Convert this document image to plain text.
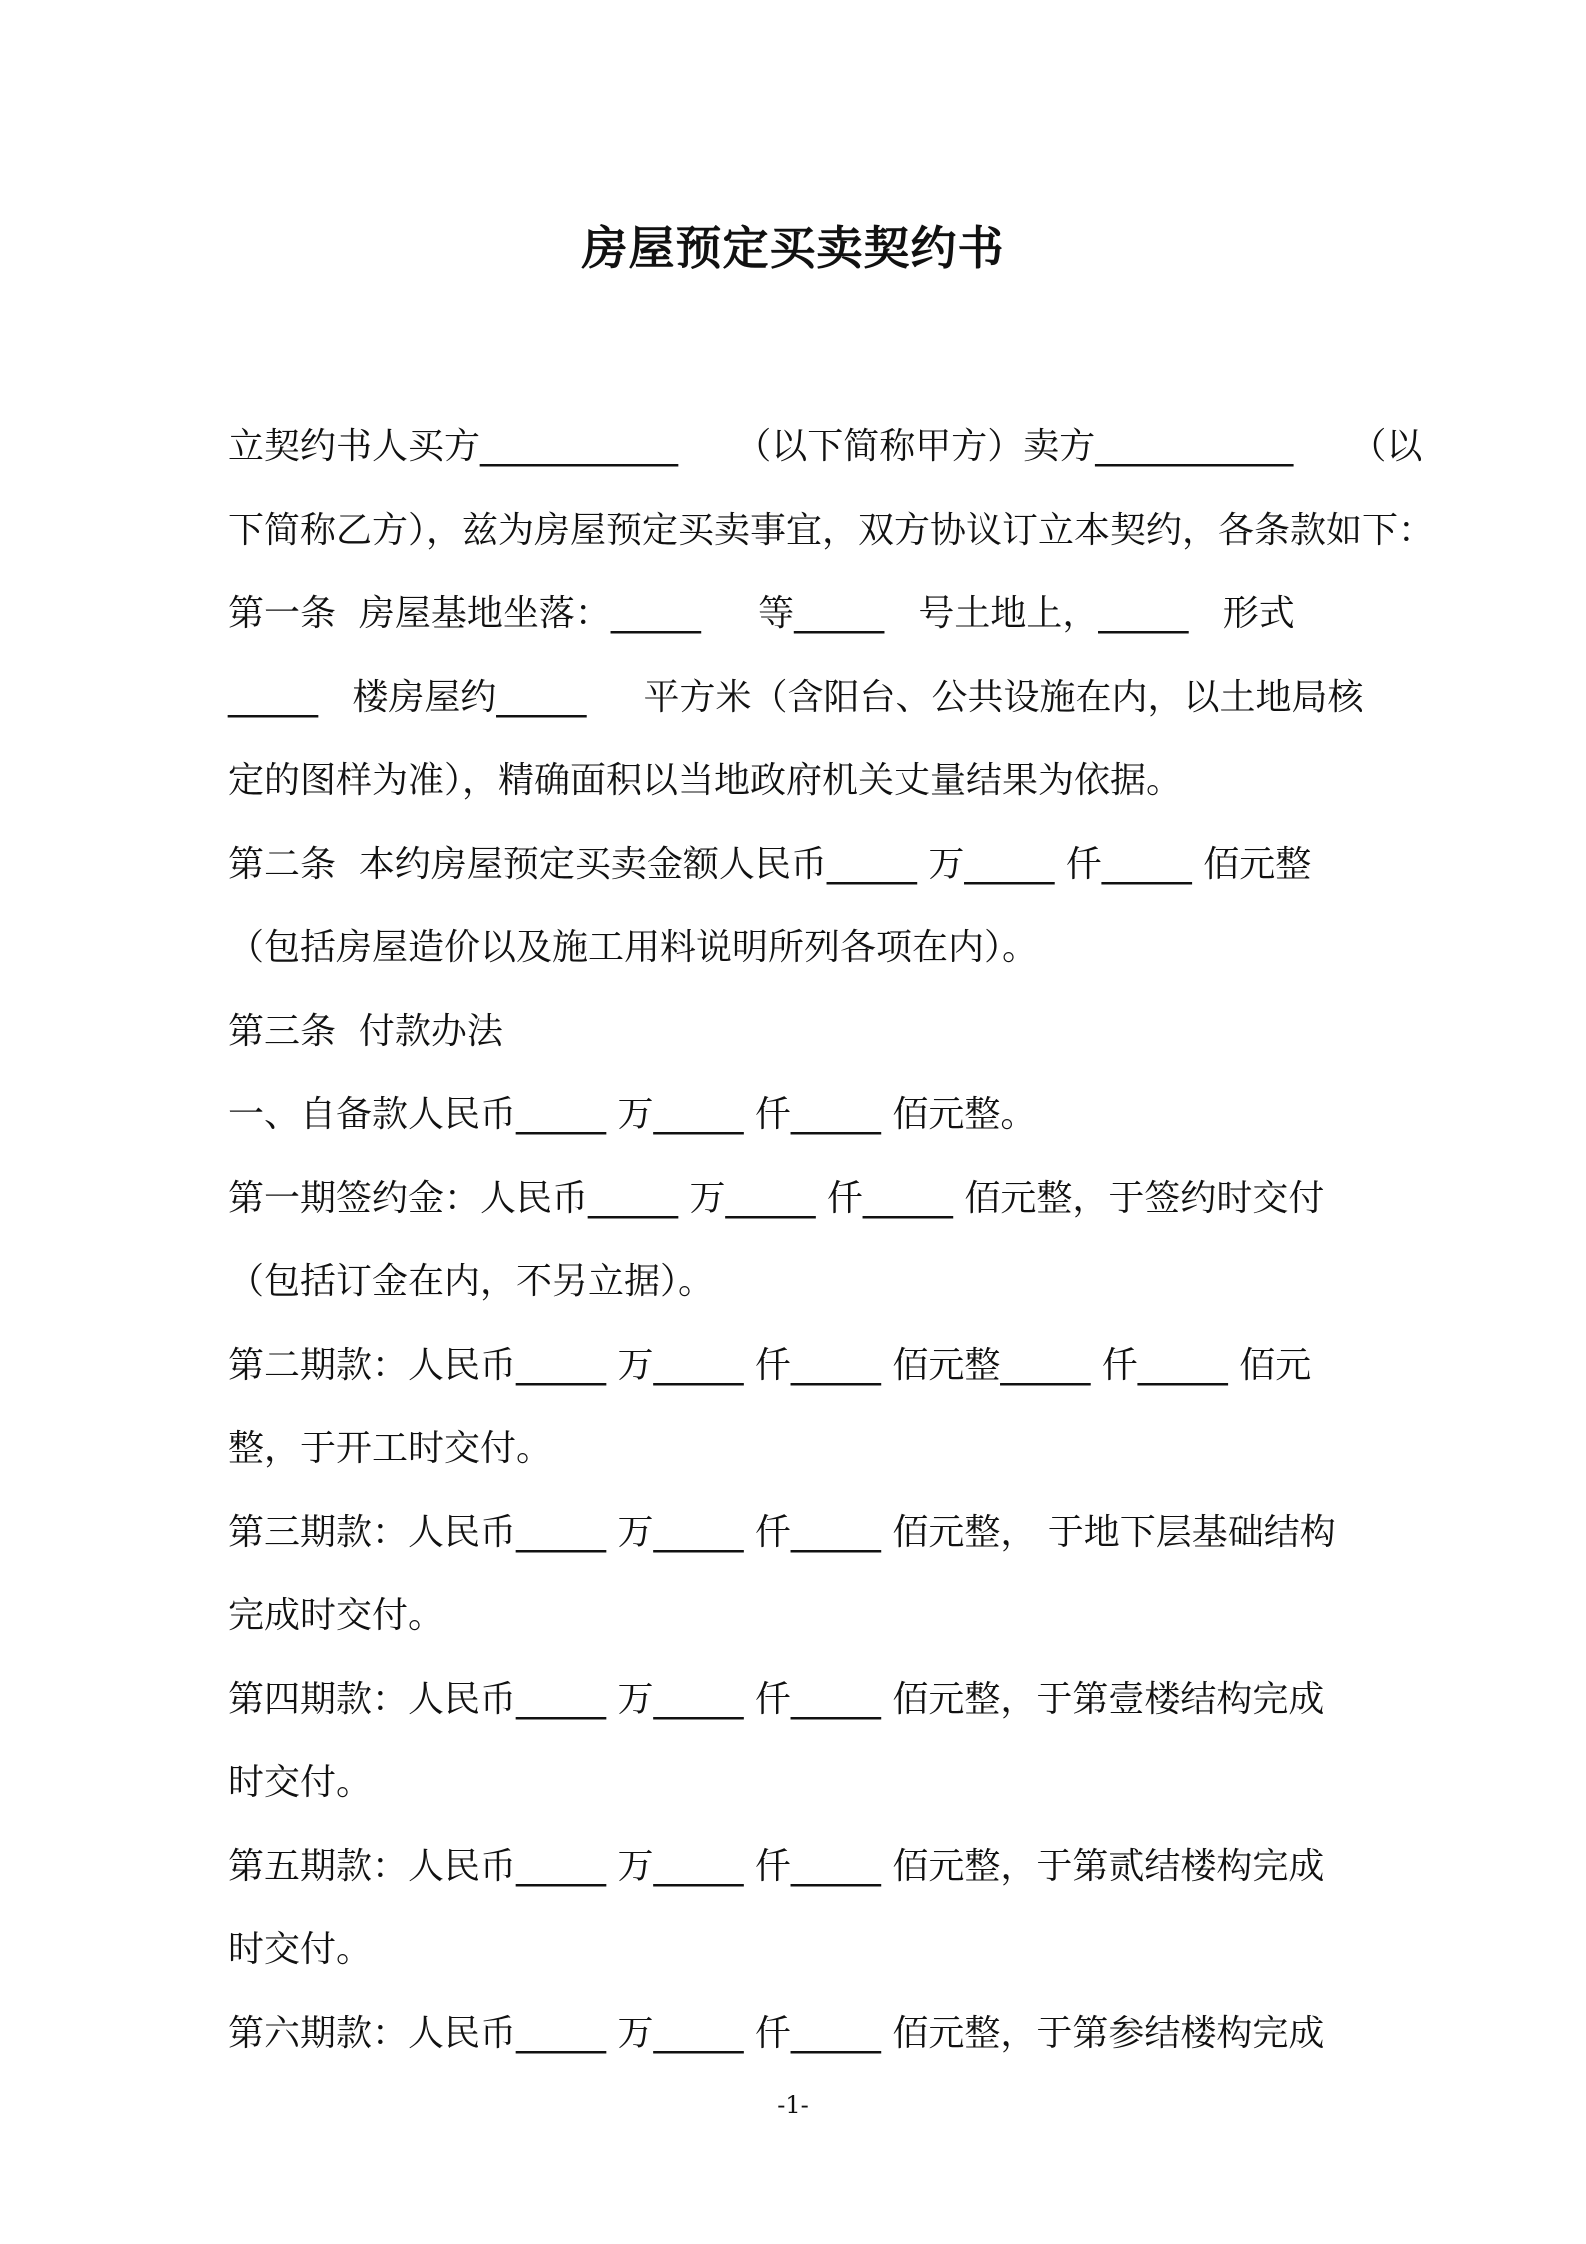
房屋预定买卖契约书
立契约书人买方___________     （以下简称甲方）卖方___________     （以
下简称乙方），兹为房屋预定买卖事宜，双方协议订立本契约，各条款如下：
第一条  房屋基地坐落：_____     等_____   号土地上，_____   形式
_____   楼房屋约_____     平方米（含阳台、公共设施在内，以土地局核
定的图样为准），精确面积以当地政府机关丈量结果为依据。
第二条  本约房屋预定买卖金额人民币_____ 万_____ 仟_____ 佰元整
（包括房屋造价以及施工用料说明所列各项在内）。
第三条  付款办法
一、自备款人民币_____ 万_____ 仟_____ 佰元整。
第一期签约金：人民币_____ 万_____ 仟_____ 佰元整，于签约时交付
（包括订金在内，不另立据）。
第二期款：人民币_____ 万_____ 仟_____ 佰元整_____ 仟_____ 佰元
整，于开工时交付。
第三期款：人民币_____ 万_____ 仟_____ 佰元整， 于地下层基础结构
完成时交付。
第四期款：人民币_____ 万_____ 仟_____ 佰元整，于第壹楼结构完成
时交付。
第五期款：人民币_____ 万_____ 仟_____ 佰元整，于第贰结楼构完成
时交付。
第六期款：人民币_____ 万_____ 仟_____ 佰元整，于第参结楼构完成
-1-
